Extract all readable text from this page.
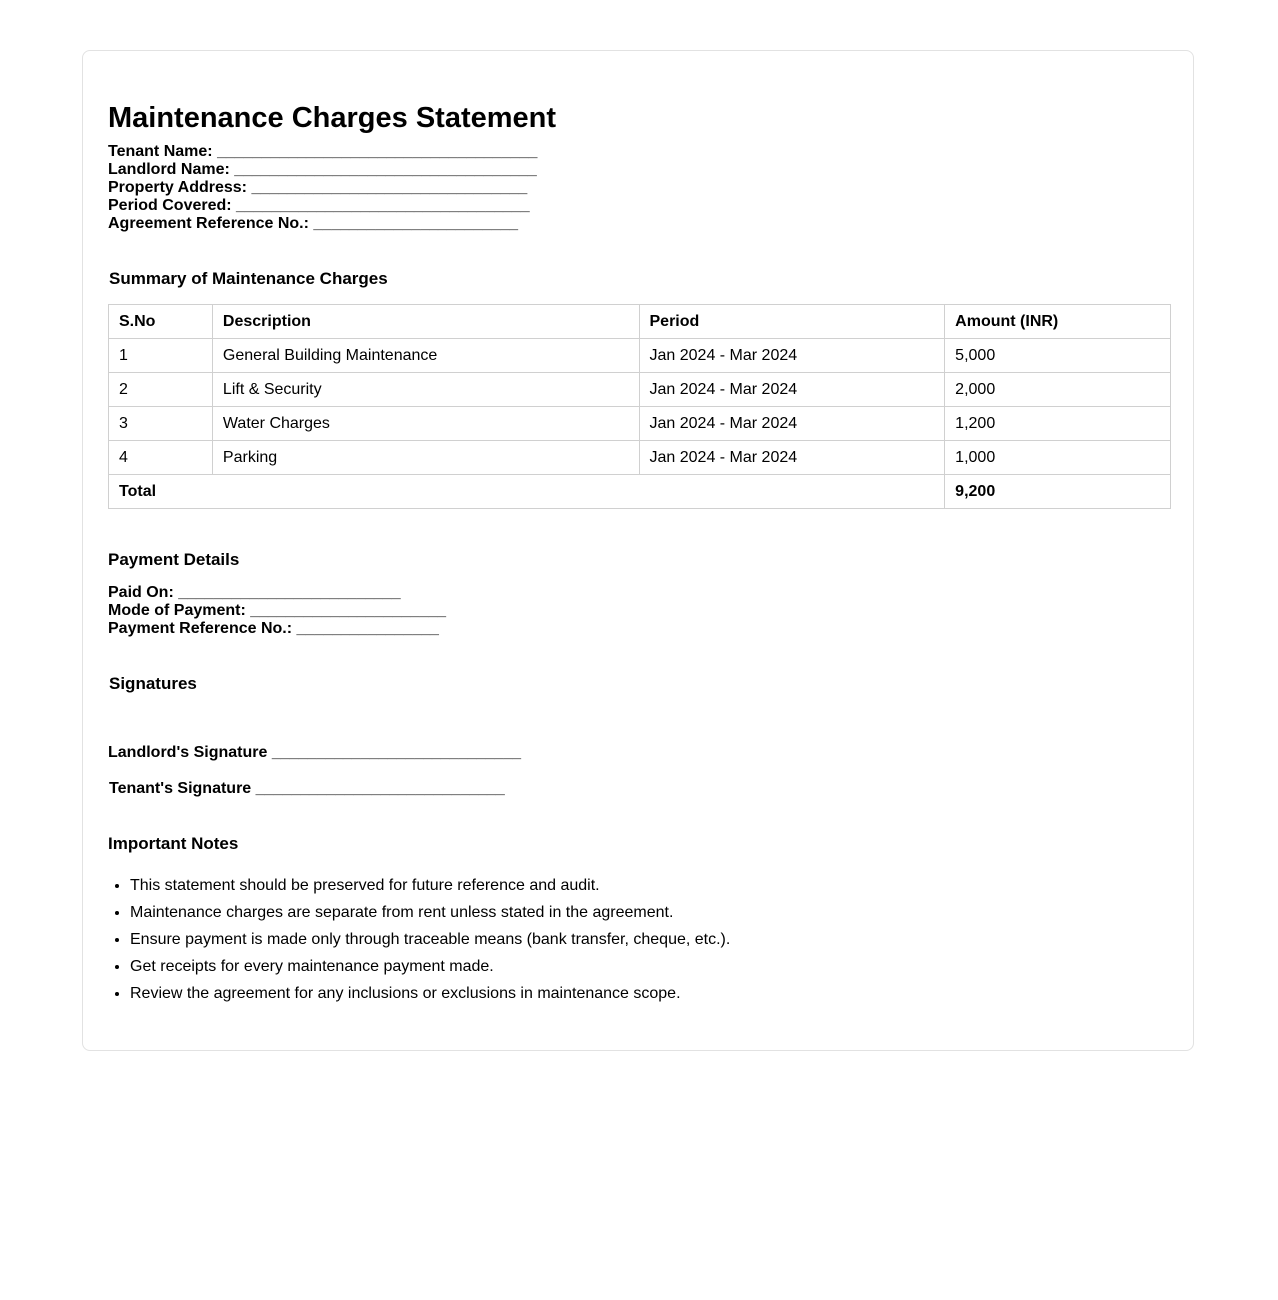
Maintenance Charges Statement
Tenant Name: ____________________________________
Landlord Name: __________________________________
Property Address: _______________________________
Period Covered: _________________________________
Agreement Reference No.: _______________________
Summary of Maintenance Charges
S.No	Description	Period	Amount (INR)
1	General Building Maintenance	Jan 2024 - Mar 2024	5,000
2	Lift & Security	Jan 2024 - Mar 2024	2,000
3	Water Charges	Jan 2024 - Mar 2024	1,200
4	Parking	Jan 2024 - Mar 2024	1,000
Total			9,200
Payment Details
Paid On: _________________________
Mode of Payment: ______________________
Payment Reference No.: ________________
Signatures
Landlord's Signature ____________________________
Tenant's Signature ____________________________
Important Notes
• This statement should be preserved for future reference and audit.
• Maintenance charges are separate from rent unless stated in the agreement.
• Ensure payment is made only through traceable means (bank transfer, cheque, etc.).
• Get receipts for every maintenance payment made.
• Review the agreement for any inclusions or exclusions in maintenance scope.
